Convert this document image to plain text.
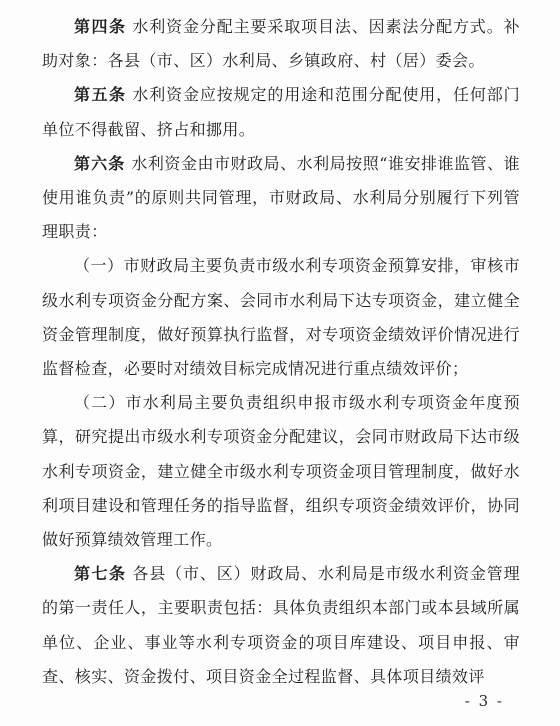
第四条 水利资金分配主要采取项目法、因素法分配方式。补助对象：各县（市、区）水利局、乡镇政府、村（居）委会。

第五条 水利资金应按规定的用途和范围分配使用，任何部门单位不得截留、挤占和挪用。

第六条 水利资金由市财政局、水利局按照“谁安排谁监管、谁使用谁负责”的原则共同管理，市财政局、水利局分别履行下列管理职责：

（一）市财政局主要负责市级水利专项资金预算安排，审核市级水利专项资金分配方案、会同市水利局下达专项资金，建立健全资金管理制度，做好预算执行监督，对专项资金绩效评价情况进行监督检查，必要时对绩效目标完成情况进行重点绩效评价；

（二）市水利局主要负责组织申报市级水利专项资金年度预算，研究提出市级水利专项资金分配建议，会同市财政局下达市级水利专项资金，建立健全市级水利专项资金项目管理制度，做好水利项目建设和管理任务的指导监督，组织专项资金绩效评价，协同做好预算绩效管理工作。

第七条 各县（市、区）财政局、水利局是市级水利资金管理的第一责任人，主要职责包括：具体负责组织本部门或本县域所属单位、企业、事业等水利专项资金的项目库建设、项目申报、审查、核实、资金拨付、项目资金全过程监督、具体项目绩效评

- 3 -
